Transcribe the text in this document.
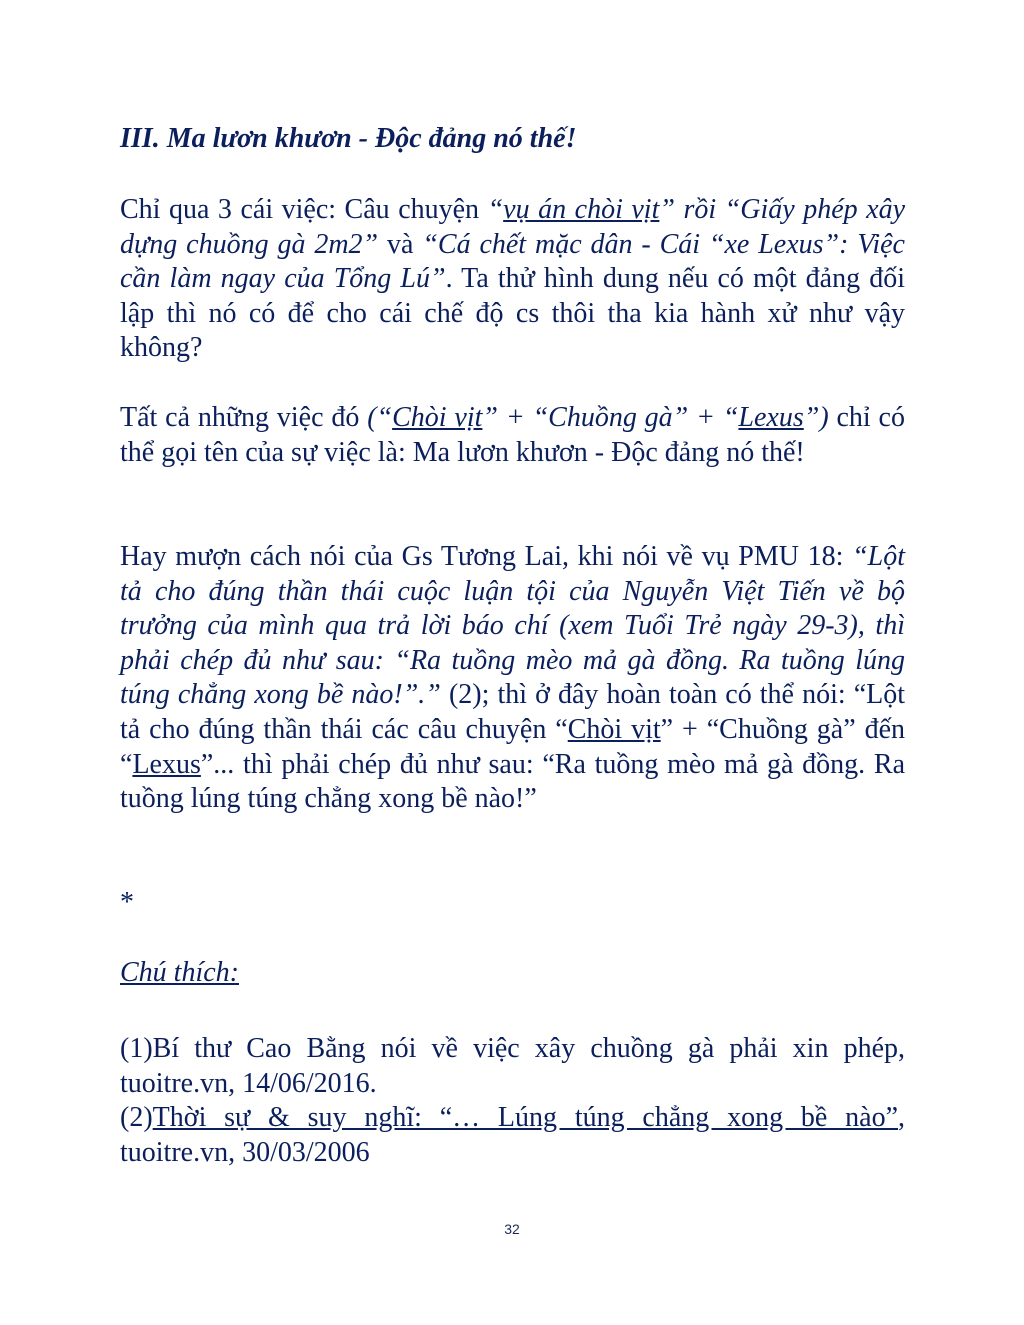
III. Ma lươn khươn - Độc đảng nó thế!
Chỉ qua 3 cái việc: Câu chuyện “vụ án chòi vịt” rồi “Giấy phép xây dựng chuồng gà 2m2” và “Cá chết mặc dân - Cái “xe Lexus”: Việc cần làm ngay của Tổng Lú”. Ta thử hình dung nếu có một đảng đối lập thì nó có để cho cái chế độ cs thôi tha kia hành xử như vậy không?
Tất cả những việc đó (“Chòi vịt” + “Chuồng gà” + “Lexus”) chỉ có thể gọi tên của sự việc là: Ma lươn khươn - Độc đảng nó thế!
Hay mượn cách nói của Gs Tương Lai, khi nói về vụ PMU 18: “Lột tả cho đúng thần thái cuộc luận tội của Nguyễn Việt Tiến về bộ trưởng của mình qua trả lời báo chí (xem Tuổi Trẻ ngày 29-3), thì phải chép đủ như sau: “Ra tuồng mèo mả gà đồng. Ra tuồng lúng túng chẳng xong bề nào!”.” (2); thì ở đây hoàn toàn có thể nói: “Lột tả cho đúng thần thái các câu chuyện “Chòi vịt” + “Chuồng gà” đến “Lexus”... thì phải chép đủ như sau: “Ra tuồng mèo mả gà đồng. Ra tuồng lúng túng chẳng xong bề nào!”
*
Chú thích:
(1)Bí thư Cao Bằng nói về việc xây chuồng gà phải xin phép, tuoitre.vn, 14/06/2016.
(2)Thời sự & suy nghĩ: “… Lúng túng chẳng xong bề nào”, tuoitre.vn, 30/03/2006
32
